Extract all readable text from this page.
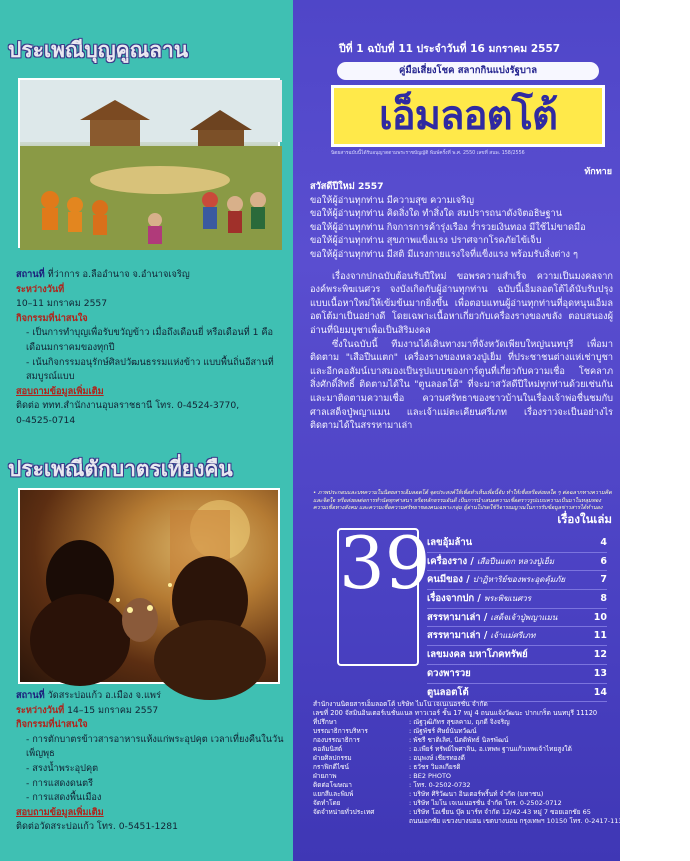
ประเพณีบุญคูณลาน
สถานที่ ที่ว่าการ อ.ลืออำนาจ จ.อำนาจเจริญ
ระหว่างวันที่
10–11 มกราคม 2557
กิจกรรมที่น่าสนใจ
- เป็นการทำบุญเพื่อรับขวัญข้าว เมื่อถึงเดือนยี่ หรือเดือนที่ 1 คือเดือนมกราคมของทุกปี
- เน้นกิจกรรมอนุรักษ์ศิลปวัฒนธรรมแห่งข้าว แบบพื้นถิ่นอีสานที่สมบูรณ์แบบ
สอบถามข้อมูลเพิ่มเติม
ติดต่อ ททท.สำนักงานอุบลราชธานี โทร. 0-4524-3770,
0-4525-0714
ประเพณีตักบาตรเที่ยงคืน
สถานที่ วัดสระบ่อแก้ว อ.เมือง จ.แพร่
ระหว่างวันที่ 14–15 มกราคม 2557
กิจกรรมที่น่าสนใจ
- การตักบาตรข้าวสารอาหารแห้งแก่พระอุปคุต เวลาเที่ยงคืนในวันเพ็ญพุธ
- สรงน้ำพระอุปคุต
- การแสดงดนตรี
- การแสดงพื้นเมือง
สอบถามข้อมูลเพิ่มเติม
ติดต่อวัดสระบ่อแก้ว โทร. 0-5451-1281
ปีที่ 1 ฉบับที่ 11 ประจำวันที่ 16 มกราคม 2557
คู่มือเสี่ยงโชค สลากกินแบ่งรัฐบาล
เอ็มลอตโต้
นิตยสารฉบับนี้ได้รับอนุญาตตามพระราชบัญญัติ พิมพ์ครั้งที่ พ.ศ. 2550 เลขที่ สนพ. 158/2556
ทักทาย
สวัสดีปีใหม่ 2557

ขอให้ผู้อ่านทุกท่าน มีความสุข ความเจริญ

ขอให้ผู้อ่านทุกท่าน คิดสิ่งใด ทำสิ่งใด สมปรารถนาดังจิตอธิษฐาน

ขอให้ผู้อ่านทุกท่าน กิจการการค้ารุ่งเรือง ร่ำรวยเงินทอง มีใช้ไม่ขาดมือ

ขอให้ผู้อ่านทุกท่าน สุขภาพแข็งแรง ปราศจากโรคภัยไข้เจ็บ

ขอให้ผู้อ่านทุกท่าน มีสติ มีแรงกายแรงใจที่แข็งแรง พร้อมรับสิ่งต่าง ๆ

เรื่องจากปกฉบับต้อนรับปีใหม่ ขอพรความสำเร็จ ความเป็นมงคลจากองค์พระพิฆเนศวร จงบังเกิดกับผู้อ่านทุกท่าน ฉบับนี้เอ็มลอตโต้ได้นับรับปรุงแบบเนื้อหาใหม่ให้เข้มข้นมากยิ่งขึ้น เพื่อตอบแทนผู้อ่านทุกท่านที่อุดหนุนเอ็มลอตโต้มาเป็นอย่างดี โดยเฉพาะเนื้อหาเกี่ยวกับเครื่องรางของขลัง ตอบสนองผู้อ่านที่นิยมบูชาเพื่อเป็นสิริมงคล

ซึ่งในฉบับนี้ ทีมงานได้เดินทางมาที่จังหวัดเพียบใหญ่นนทบุรี เพื่อมาติดตาม "เสือปืนแตก" เครื่องรางของหลวงปู่เย็ม ที่ประชาชนต่างแห่เช่าบูชา และอีกคอลัมน์เบาสมองเป็นรูปแบบของการ์ตูนที่เกี่ยวกับความเชื่อ โชคลาภ สิ่งศักดิ์สิทธิ์ ติดตามได้ใน "ตูนลอตโต้" ที่จะมาสวัสดีปีใหม่ทุกท่านด้วยเช่นกัน และมาติดตามความเชื่อ ความศรัทธาของชาวบ้านในเรื่องเจ้าพ่อชื่นชมกับศาลเสด็จปู่พญาแมน และเจ้าแม่ตะเคียนศรีเภท เรื่องราวจะเป็นอย่างไรติดตามได้ในสรรหามาเล่า

• ภาพประกอบและบทความในนิตยสารเอ็มลอตโต้ จุดประสงค์ให้เพื่อทำเห็นเพื่อนี้จับ ทำให้เชื่อหรือส่งผลใด ๆ ต่อฉลากทางความคิดและจิตใจ หรือส่งผลต่อการทำนัดทุกศาสนา หรือหลักธรรมอันดี เป็นการนำเสนอความเชื่อตราวรูปแบบความเป็นมาในหลุมทองความเชื่อทางสังคม และความเชื่อความศรัทธาของคนเฉพาะกลุ่ม ผู้อ่านโปรดใช้วิจารณญาณในการรับข้อมูลข่าวสารได้ทำนอง
เรื่องในเล่ม
39
เลขอุ้มล้าน	4
เครื่องราง / เสือปืนแตก หลวงปู่เย็ม	6
คนมีของ / ปาฏิหาริย์ของพระอุดคุ้มภัย	7
เรื่องจากปก / พระพิฆเนศวร	8
สรรหามาเล่า / เสด็จเจ้าปู่พญาแมน	10
สรรหามาเล่า / เจ้าแม่ศรีเภท	11
เลขมงคล มหาโภคทรัพย์	12
ดวงพารวย	13
ตูนลอตโต้	14
สำนักงานนิตยสารเอ็มลอตโต้ บริษัท ไมโน เจเนเนอรชั่น จำกัด
เลขที่ 200 จัสมินอินเตอร์เนชั่นแนล ทาวเวอร์ ชั้น 17 หมู่ 4 ถนนแจ้งวัฒนะ ปากเกร็ด นนทบุรี 11120
ที่ปรึกษา	: ณัฐวุฒิภัทร สุขลคาม, ฤภดี จิงจริญ
บรรณาธิการบริหาร	: ณัฐพัชร์ ศิษย์นันทวัฒน์
กองบรรณาธิการ	: พัชรี ชาติเลิศ, นิตติพัทธ์ นิลรพัฒน์
คอลัมนิสต์	: อ.เพียร์ ทรัพย์ไพศาลิน, อ.เหพพ ฐานแก้วเทพเจ้าไทยสูงใต้
ฝ่ายศิลปกรรม	: อนุพงษ์ เชียรทองดี
กราฟิกดีไซน์	: ธวัชร วิมลเกียรติ
ฝ่ายภาพ	: BE2 PHOTO
ติดต่อโฆษณา	: โทร. 0-2502-0732
แยกสีและพิมพ์	: บริษัท ศิริวัฒนา อินเตอร์พริ้นท์ จำกัด (มหาชน)
จัดทำโดย	: บริษัท ไมโน เจเนเนอรชั่น จำกัด โทร. 0-2502-0712
จัดจำหน่ายทั่วประเทศ	: บริษัท โอเชี่ยน บุ๊ค มาร์ท จำกัด 12/42-43 หมู่ 7 ซอยเอกชัย 65
ถนนเอกชัย แขวงบางบอน เขตบางบอน กรุงเทพฯ 10150 โทร. 0-2417-1133 แฟกซ์ 0-2898-0505
